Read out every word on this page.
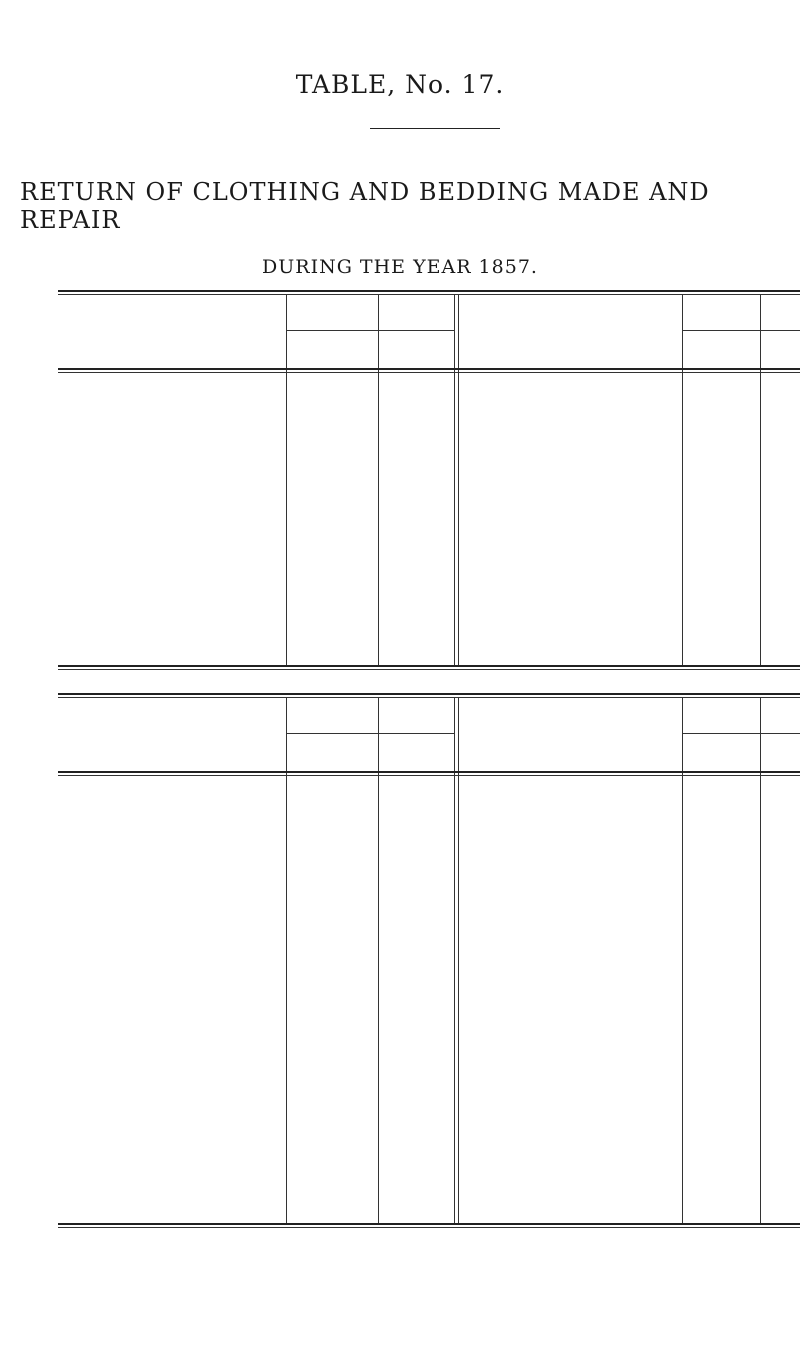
TABLE, No. 17.
RETURN OF CLOTHING AND BEDDING MADE AND REPAIR
DURING THE YEAR 1857.
